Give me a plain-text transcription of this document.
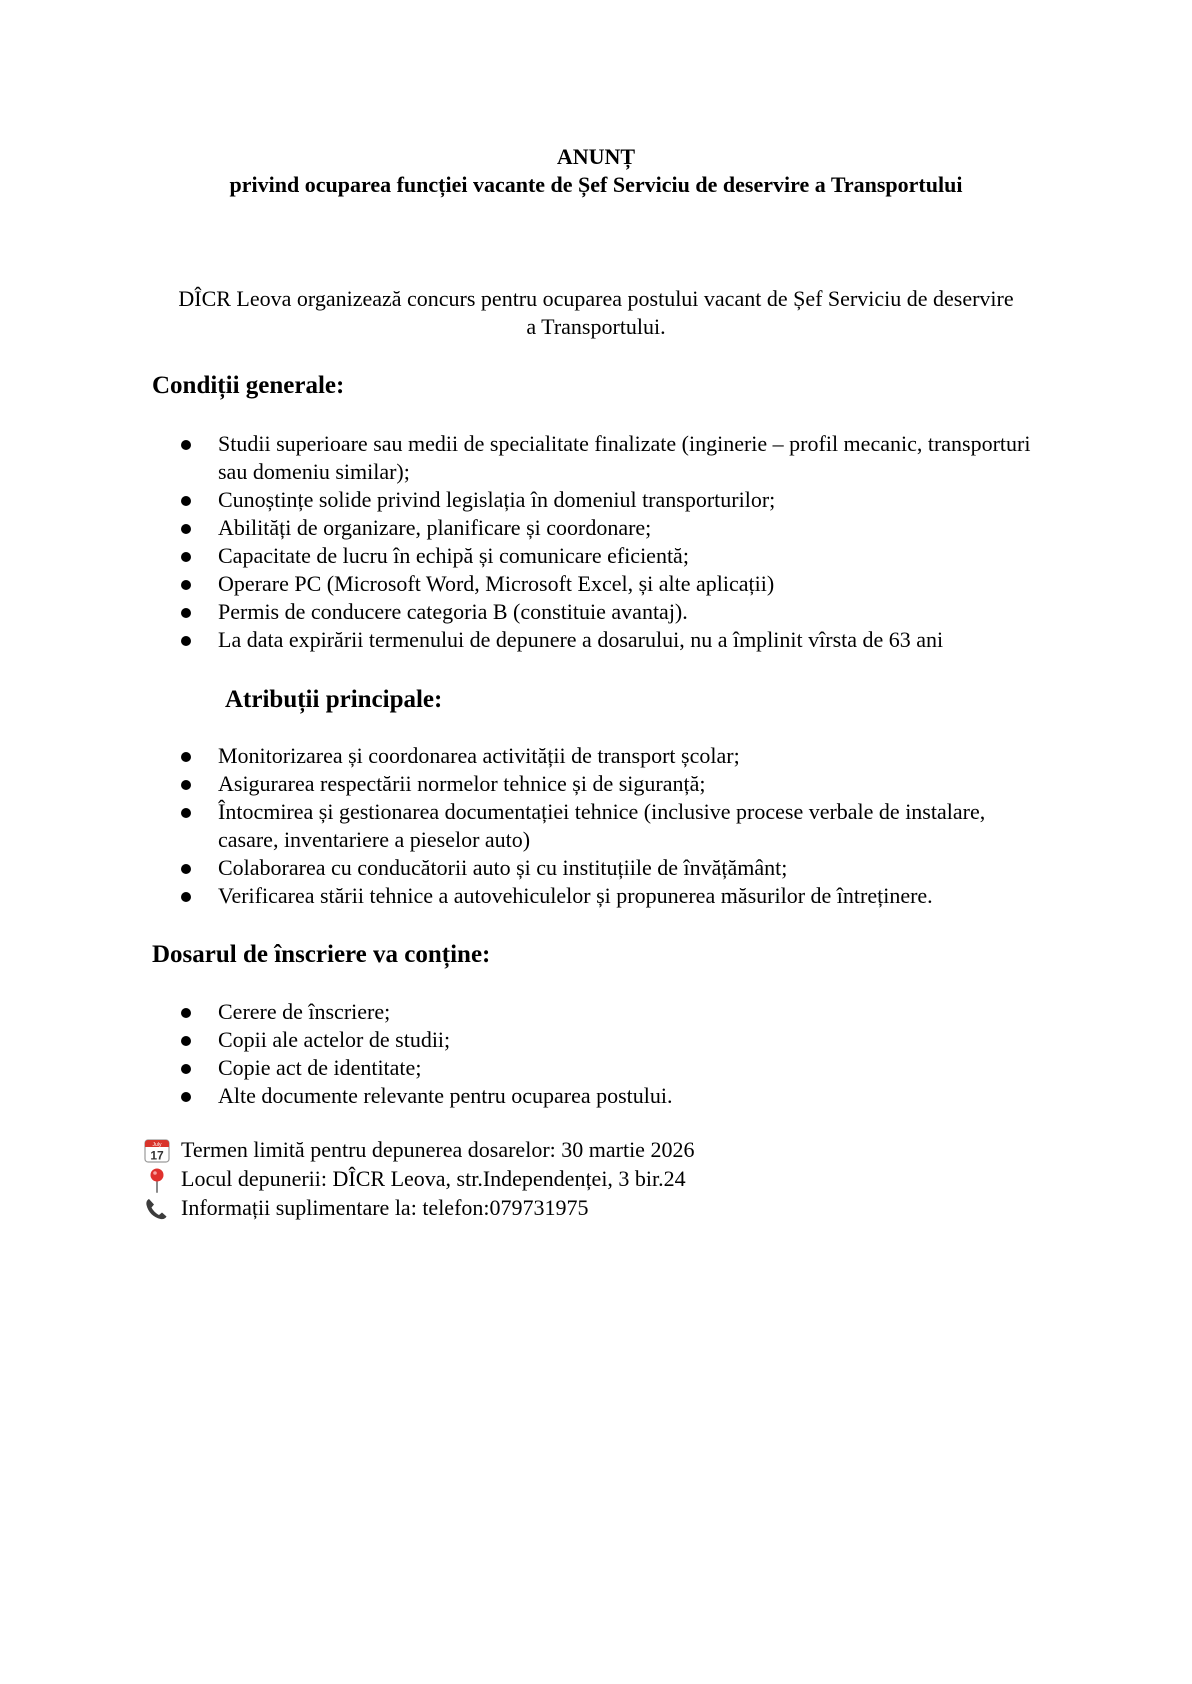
ANUNȚ
privind ocuparea funcției vacante de Șef Serviciu de deservire a Transportului
DÎCR Leova organizează concurs pentru ocuparea postului vacant de Șef Serviciu de deservire a Transportului.
Condiții generale:
Studii superioare sau medii de specialitate finalizate (inginerie – profil mecanic, transporturi sau domeniu similar);
Cunoștințe solide privind legislația în domeniul transporturilor;
Abilități de organizare, planificare și coordonare;
Capacitate de lucru în echipă și comunicare eficientă;
Operare PC (Microsoft Word, Microsoft Excel, și alte aplicații)
Permis de conducere categoria B (constituie avantaj).
La data expirării termenului de depunere a dosarului, nu a împlinit vîrsta de 63 ani
Atribuții principale:
Monitorizarea și coordonarea activității de transport școlar;
Asigurarea respectării normelor tehnice și de siguranță;
Întocmirea și gestionarea documentației tehnice (inclusive procese verbale de instalare, casare, inventariere a pieselor auto)
Colaborarea cu conducătorii auto și cu instituțiile de învățământ;
Verificarea stării tehnice a autovehiculelor și propunerea măsurilor de întreținere.
Dosarul de înscriere va conține:
Cerere de înscriere;
Copii ale actelor de studii;
Copie act de identitate;
Alte documente relevante pentru ocuparea postului.
July
17 Termen limită pentru depunerea dosarelor: 30 martie 2026
Locul depunerii: DÎCR Leova, str.Independenței, 3 bir.24
Informații suplimentare la: telefon:079731975
